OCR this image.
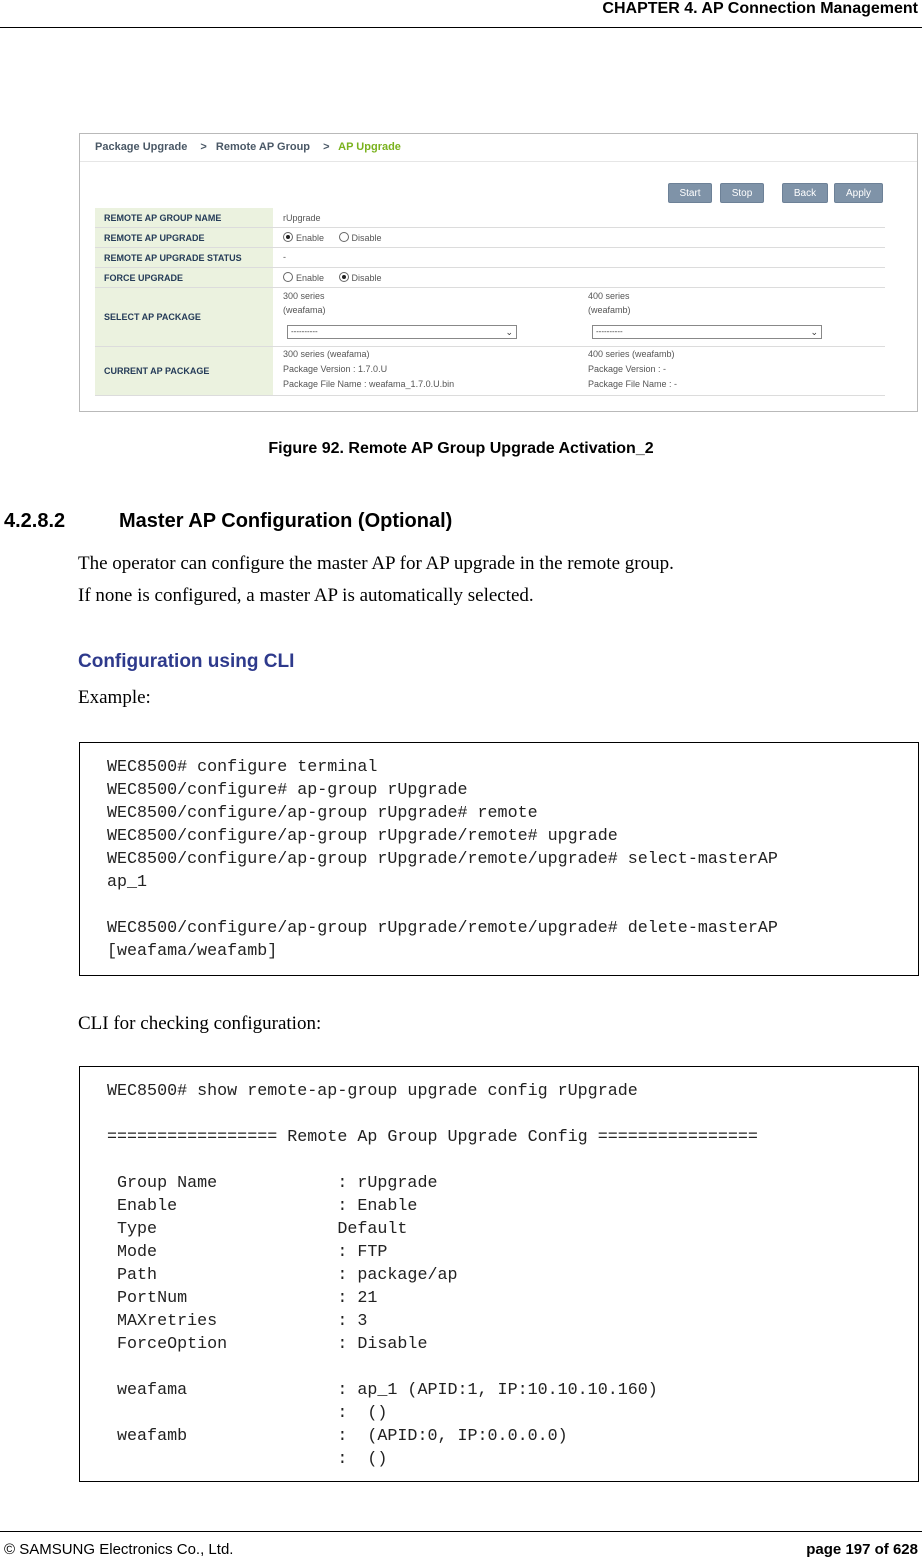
CHAPTER 4. AP Connection Management
Package Upgrade > Remote AP Group > AP Upgrade
Start	Stop	Back	Apply
REMOTE AP GROUP NAME	rUpgrade
REMOTE AP UPGRADE	Enable	Disable
REMOTE AP UPGRADE STATUS	-
FORCE UPGRADE	Enable	Disable
SELECT AP PACKAGE
300 series
(weafama)
----------	⌄
400 series
(weafamb)
----------	⌄
CURRENT AP PACKAGE
300 series (weafama)
Package Version : 1.7.0.U
Package File Name : weafama_1.7.0.U.bin
400 series (weafamb)
Package Version : -
Package File Name : -
Figure 92. Remote AP Group Upgrade Activation_2
4.2.8.2	Master AP Configuration (Optional)
The operator can configure the master AP for AP upgrade in the remote group.
If none is configured, a master AP is automatically selected.
Configuration using CLI
Example:
WEC8500# configure terminal
WEC8500/configure# ap-group rUpgrade
WEC8500/configure/ap-group rUpgrade# remote
WEC8500/configure/ap-group rUpgrade/remote# upgrade
WEC8500/configure/ap-group rUpgrade/remote/upgrade# select-masterAP
ap_1

WEC8500/configure/ap-group rUpgrade/remote/upgrade# delete-masterAP
[weafama/weafamb]
CLI for checking configuration:
WEC8500# show remote-ap-group upgrade config rUpgrade

================= Remote Ap Group Upgrade Config ================

Group Name            : rUpgrade
Enable                : Enable
Type                  Default
Mode                  : FTP
Path                  : package/ap
PortNum               : 21
MAXretries            : 3
ForceOption           : Disable

weafama               : ap_1 (APID:1, IP:10.10.10.160)
:  ()
weafamb               :  (APID:0, IP:0.0.0.0)
:  ()
© SAMSUNG Electronics Co., Ltd.	page 197 of 628
